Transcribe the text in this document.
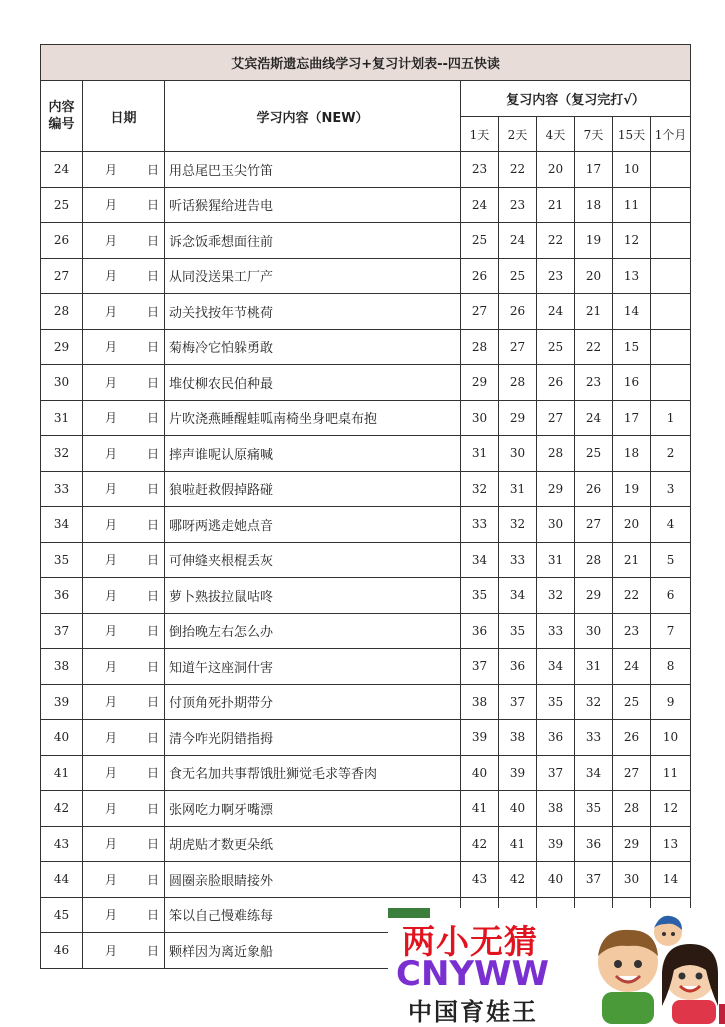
艾宾浩斯遗忘曲线学习+复习计划表--四五快读								
内容
编号	日期	学习内容（NEW）	复习内容（复习完打√）					
			1天	2天	4天	7天	15天	1个月
24	月 日	用总尾巴玉尖竹笛	23	22	20	17	10	
25	月 日	听话猴猩给进告电	24	23	21	18	11	
26	月 日	诉念饭乖想面往前	25	24	22	19	12	
27	月 日	从同没送果工厂产	26	25	23	20	13	
28	月 日	动关找按年节桃荷	27	26	24	21	14	
29	月 日	菊梅冷它怕躲勇敢	28	27	25	22	15	
30	月 日	堆仗柳农民伯种最	29	28	26	23	16	
31	月 日	片吹浇燕睡醒蛙呱南椅坐身吧桌布抱	30	29	27	24	17	1
32	月 日	摔声谁呢认原痛喊	31	30	28	25	18	2
33	月 日	狼啦赶救假掉路碰	32	31	29	26	19	3
34	月 日	哪呀两逃走她点音	33	32	30	27	20	4
35	月 日	可伸缝夹根棍丢灰	34	33	31	28	21	5
36	月 日	萝卜熟拔拉鼠咕咚	35	34	32	29	22	6
37	月 日	倒抬晚左右怎么办	36	35	33	30	23	7
38	月 日	知道午这座洞什害	37	36	34	31	24	8
39	月 日	付顶角死扑期带分	38	37	35	32	25	9
40	月 日	清今咋光阴错指拇	39	38	36	33	26	10
41	月 日	食无名加共事帮饿肚狮觉毛求等香肉	40	39	37	34	27	11
42	月 日	张网吃力啊牙嘴漂	41	40	38	35	28	12
43	月 日	胡虎贴才数更朵纸	42	41	39	36	29	13
44	月 日	圆圈亲脸眼睛接外	43	42	40	37	30	14
45	月 日	笨以自己慢难练每						
46	月 日	颗样因为离近象船							两小无猜
CNYWW
中国育娃王
